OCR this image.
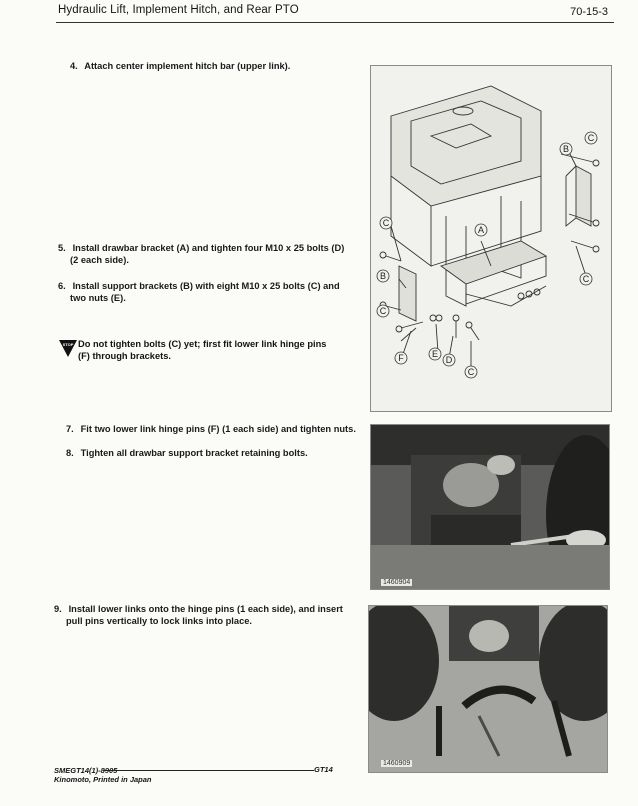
Hydraulic Lift, Implement Hitch, and Rear PTO	70-15-3
4. Attach center implement hitch bar (upper link).
5. Install drawbar bracket (A) and tighten four M10 x 25 bolts (D)
(2 each side).
6. Install support brackets (B) with eight M10 x 25 bolts (C) and
two nuts (E).
STOP Do not tighten bolts (C) yet; first fit lower link hinge pins
(F) through brackets.
7. Fit two lower link hinge pins (F) (1 each side) and tighten nuts.
8. Tighten all drawbar support bracket retaining bolts.
9. Install lower links onto the hinge pins (1 each side), and insert
pull pins vertically to lock links into place.
C
B
C
A
B	C
C
F	E
D
C
1460904
1460909
SMEGT14(1)-8905
Kinomoto, Printed in Japan
GT14
